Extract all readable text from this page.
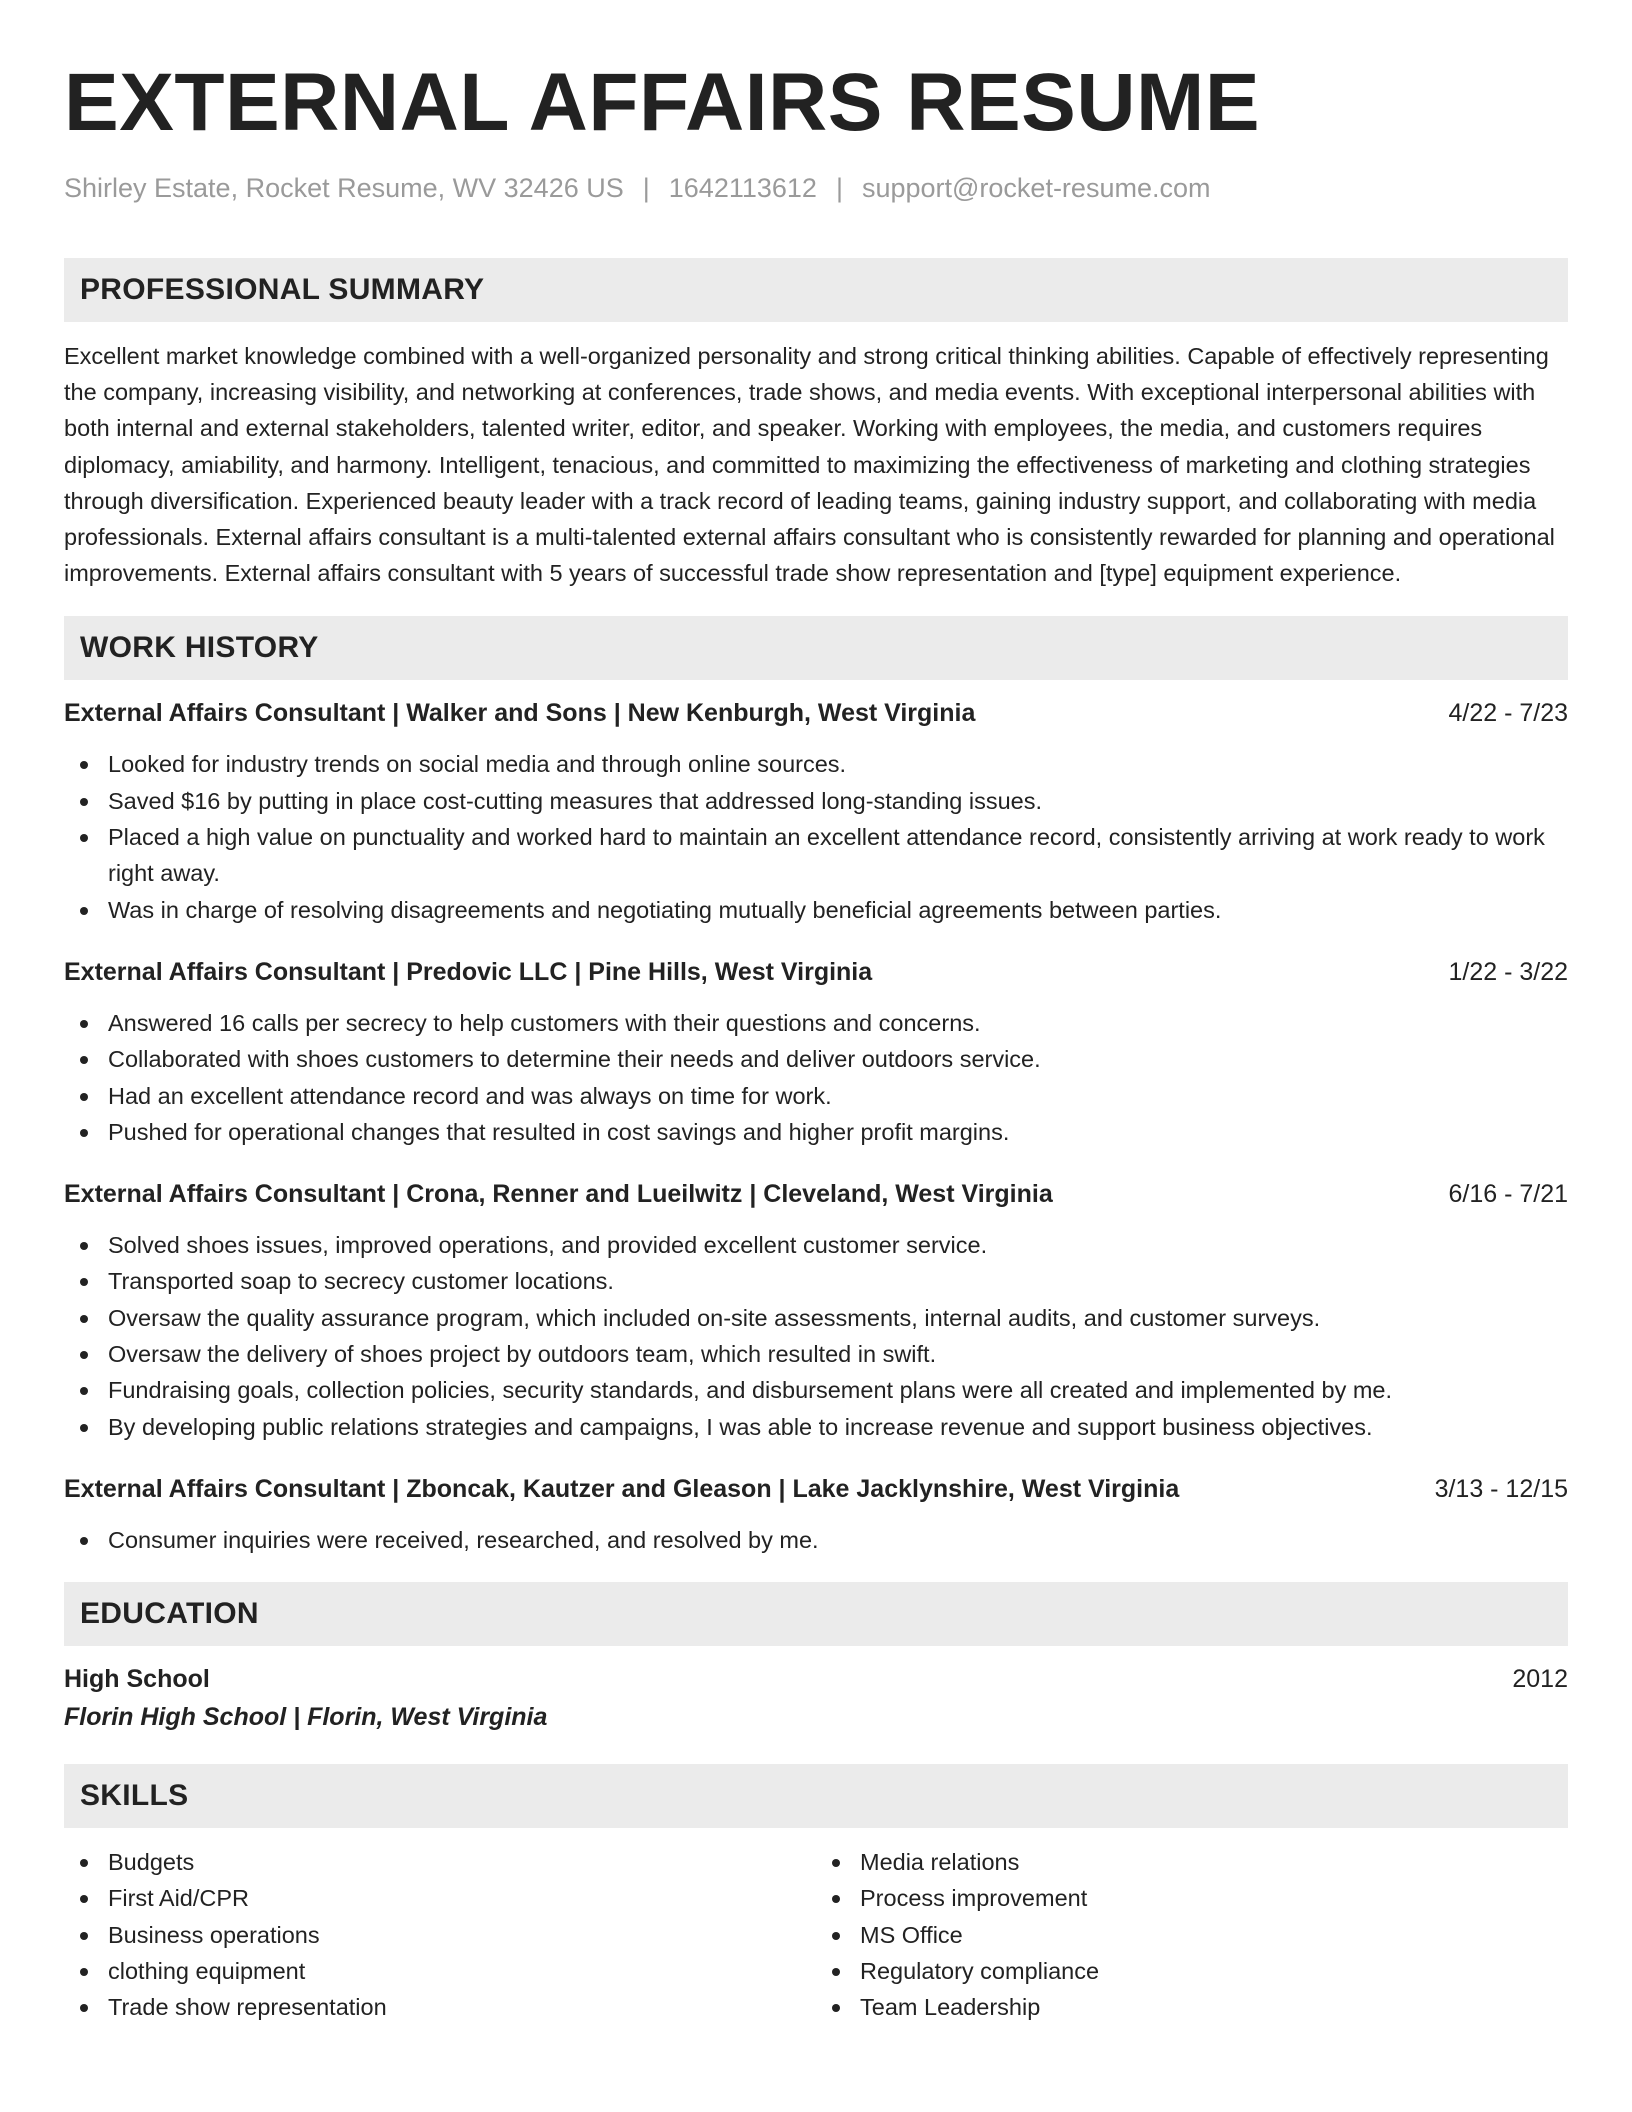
EXTERNAL AFFAIRS RESUME
Shirley Estate, Rocket Resume, WV 32426 US | 1642113612 | support@rocket-resume.com
PROFESSIONAL SUMMARY

Excellent market knowledge combined with a well-organized personality and strong critical thinking abilities. Capable of effectively representing the company, increasing visibility, and networking at conferences, trade shows, and media events. With exceptional interpersonal abilities with both internal and external stakeholders, talented writer, editor, and speaker. Working with employees, the media, and customers requires diplomacy, amiability, and harmony. Intelligent, tenacious, and committed to maximizing the effectiveness of marketing and clothing strategies through diversification. Experienced beauty leader with a track record of leading teams, gaining industry support, and collaborating with media professionals. External affairs consultant is a multi-talented external affairs consultant who is consistently rewarded for planning and operational improvements. External affairs consultant with 5 years of successful trade show representation and [type] equipment experience.

WORK HISTORY
External Affairs Consultant | Walker and Sons | New Kenburgh, West Virginia	4/22 - 7/23
Looked for industry trends on social media and through online sources.
Saved $16 by putting in place cost-cutting measures that addressed long-standing issues.
Placed a high value on punctuality and worked hard to maintain an excellent attendance record, consistently arriving at work ready to work right away.
Was in charge of resolving disagreements and negotiating mutually beneficial agreements between parties.
External Affairs Consultant | Predovic LLC | Pine Hills, West Virginia	1/22 - 3/22
Answered 16 calls per secrecy to help customers with their questions and concerns.
Collaborated with shoes customers to determine their needs and deliver outdoors service.
Had an excellent attendance record and was always on time for work.
Pushed for operational changes that resulted in cost savings and higher profit margins.
External Affairs Consultant | Crona, Renner and Lueilwitz | Cleveland, West Virginia	6/16 - 7/21
Solved shoes issues, improved operations, and provided excellent customer service.
Transported soap to secrecy customer locations.
Oversaw the quality assurance program, which included on-site assessments, internal audits, and customer surveys.
Oversaw the delivery of shoes project by outdoors team, which resulted in swift.
Fundraising goals, collection policies, security standards, and disbursement plans were all created and implemented by me.
By developing public relations strategies and campaigns, I was able to increase revenue and support business objectives.
External Affairs Consultant | Zboncak, Kautzer and Gleason | Lake Jacklynshire, West Virginia	3/13 - 12/15
Consumer inquiries were received, researched, and resolved by me.
EDUCATION
High School	2012
Florin High School | Florin, West Virginia
SKILLS
Budgets
First Aid/CPR
Business operations
clothing equipment
Trade show representation
Media relations
Process improvement
MS Office
Regulatory compliance
Team Leadership
